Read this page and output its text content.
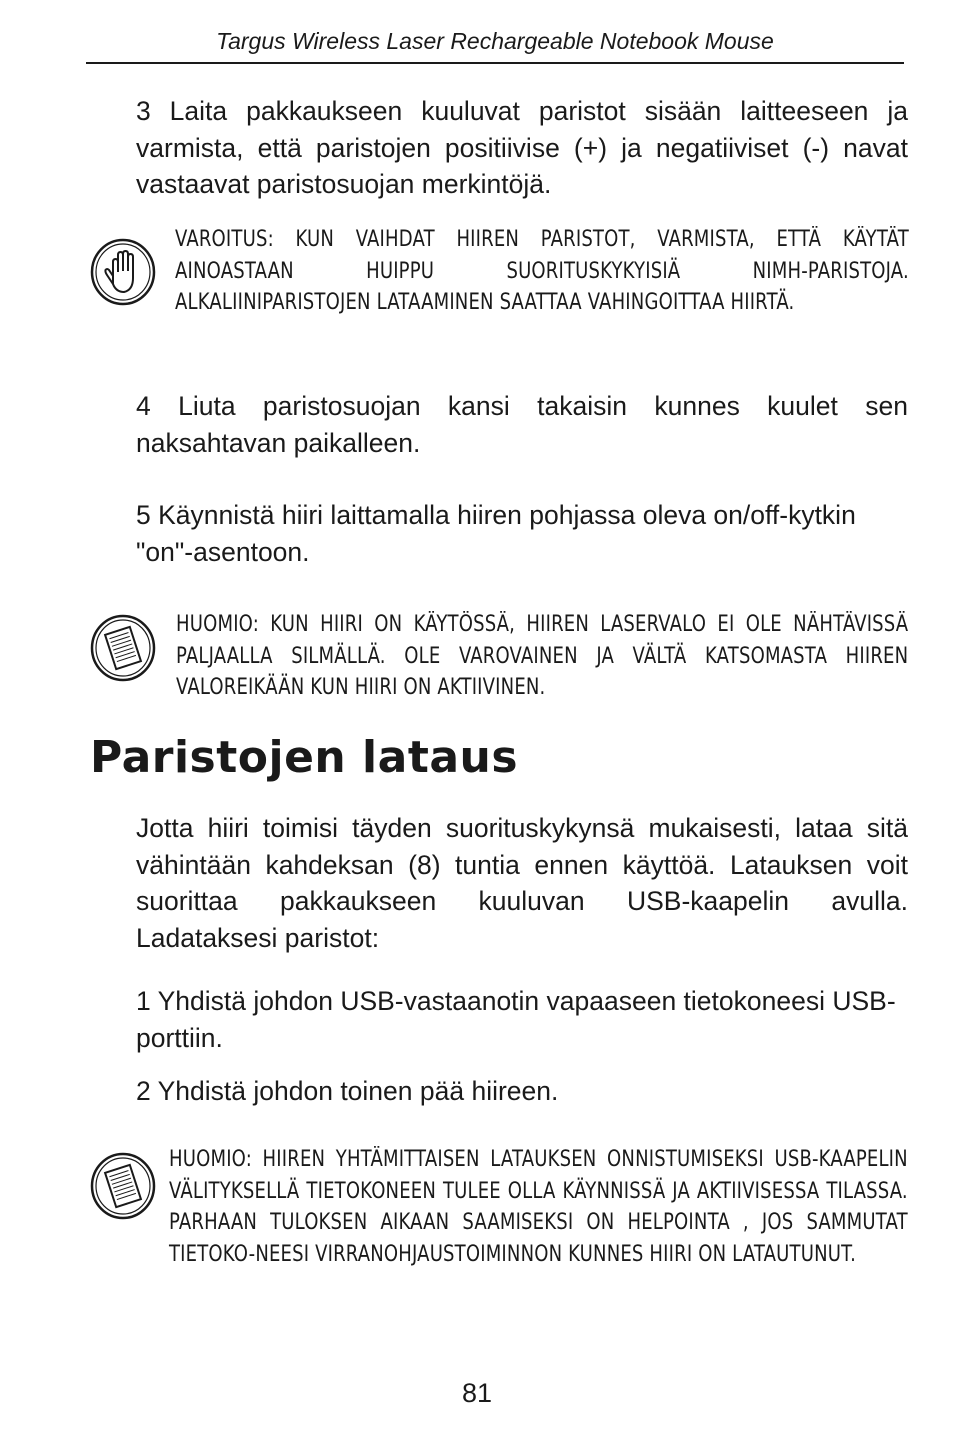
Targus Wireless Laser Rechargeable Notebook Mouse

3 Laita pakkaukseen kuuluvat paristot sisään laitteeseen ja varmista, että paristojen positiivise (+) ja negatiiviset (-) navat vastaavat paristosuojan merkintöjä.

VAROITUS: KUN VAIHDAT HIIREN PARISTOT, VARMISTA, ETTÄ KÄYTÄT AINOASTAAN HUIPPU SUORITUSKYKYISIÄ NIMH-PARISTOJA. ALKALIINIPARISTOJEN LATAAMINEN SAATTAA VAHINGOITTAA HIIRTÄ.

4 Liuta paristosuojan kansi takaisin kunnes kuulet sen naksahtavan paikalleen.

5 Käynnistä hiiri laittamalla hiiren pohjassa oleva on/off-kytkin "on"-asentoon.

HUOMIO: KUN HIIRI ON KÄYTÖSSÄ, HIIREN LASERVALO EI OLE NÄHTÄVISSÄ PALJAALLA SILMÄLLÄ. OLE VAROVAINEN JA VÄLTÄ KATSOMASTA HIIREN VALOREIKÄÄN KUN HIIRI ON AKTIIVINEN.

Paristojen lataus

Jotta hiiri toimisi täyden suorituskykynsä mukaisesti, lataa sitä vähintään kahdeksan (8) tuntia ennen käyttöä. Latauksen voit suorittaa pakkaukseen kuuluvan USB-kaapelin avulla. Ladataksesi paristot:

1 Yhdistä johdon USB-vastaanotin vapaaseen tietokoneesi USB-porttiin.

2 Yhdistä johdon toinen pää hiireen.

HUOMIO: HIIREN YHTÄMITTAISEN LATAUKSEN ONNISTUMISEKSI USB-KAAPELIN VÄLITYKSELLÄ TIETOKONEEN TULEE OLLA KÄYNNISSÄ JA AKTIIVISESSA TILASSA. PARHAAN TULOKSEN AIKAAN SAAMISEKSI ON HELPOINTA , JOS SAMMUTAT TIETOKO-NEESI VIRRANOHJAUSTOIMINNON KUNNES HIIRI ON LATAUTUNUT.

81
